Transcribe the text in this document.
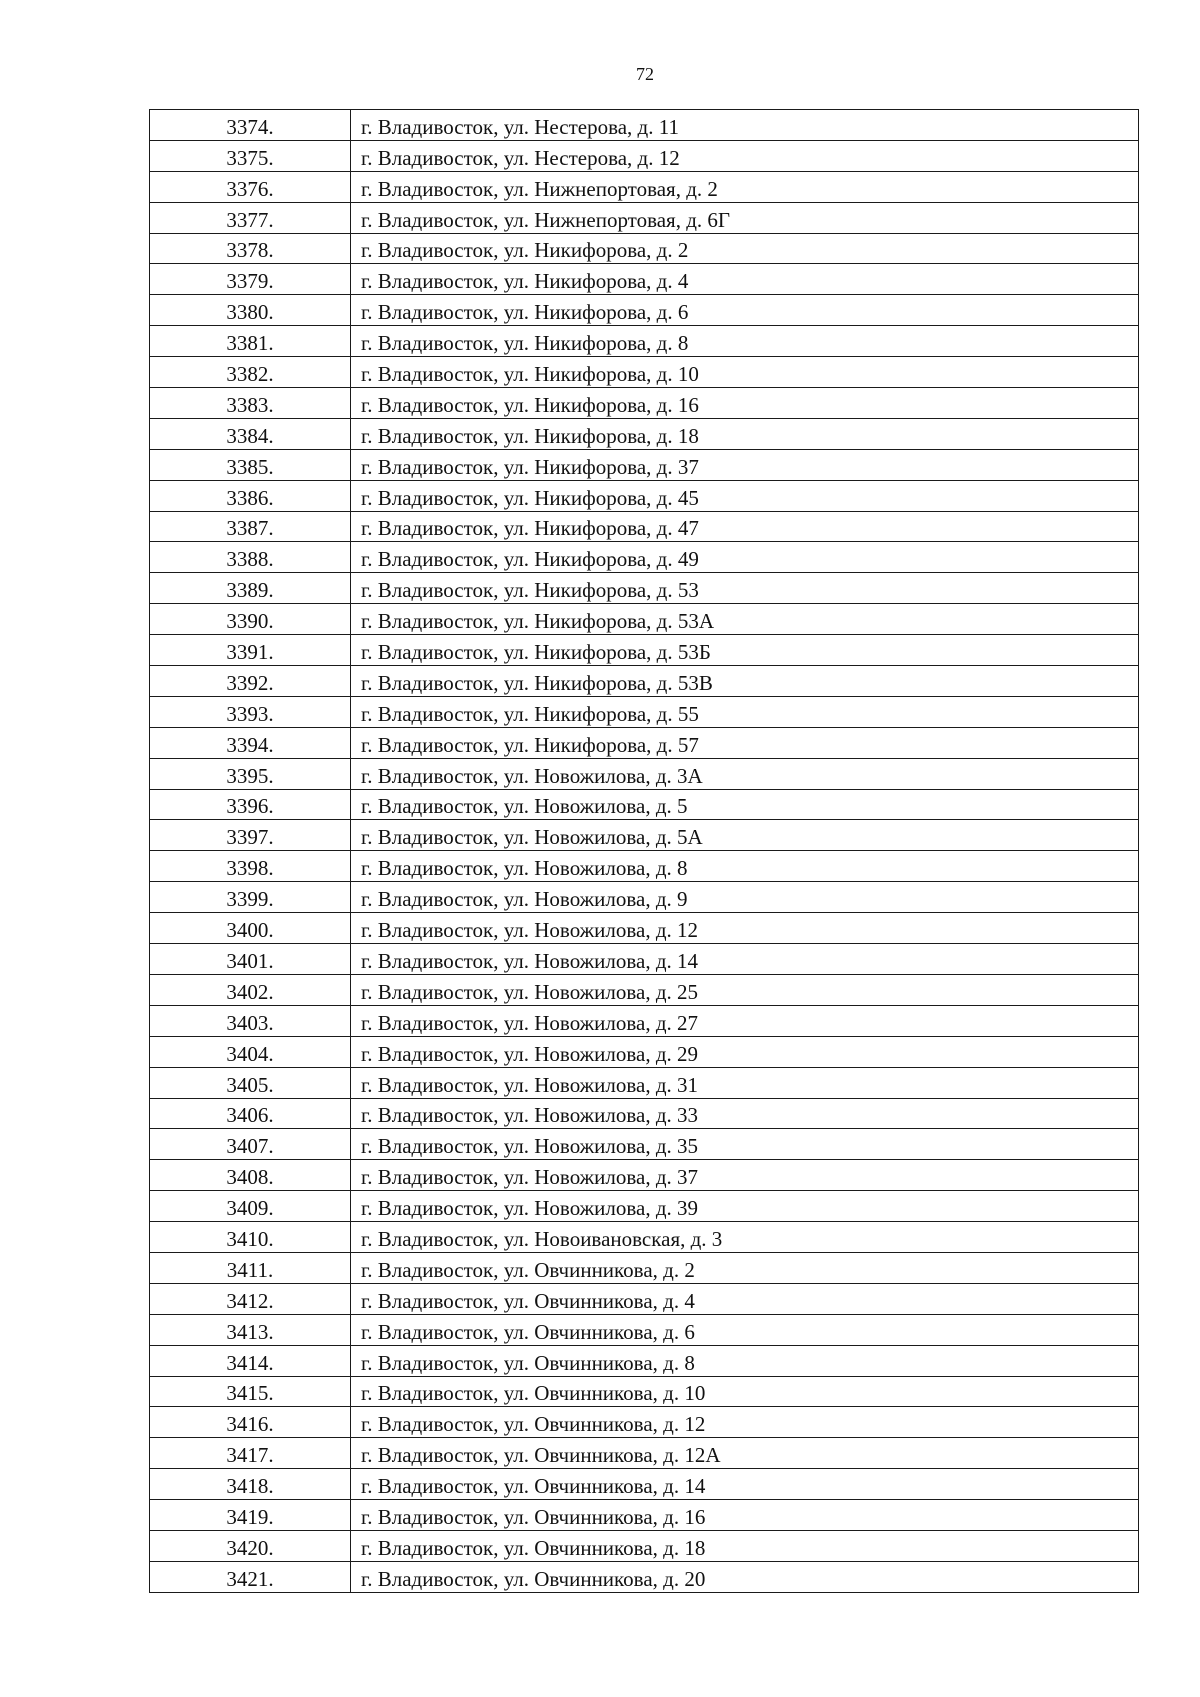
72
3374.	г. Владивосток, ул. Нестерова, д. 11
3375.	г. Владивосток, ул. Нестерова, д. 12
3376.	г. Владивосток, ул. Нижнепортовая, д. 2
3377.	г. Владивосток, ул. Нижнепортовая, д. 6Г
3378.	г. Владивосток, ул. Никифорова, д. 2
3379.	г. Владивосток, ул. Никифорова, д. 4
3380.	г. Владивосток, ул. Никифорова, д. 6
3381.	г. Владивосток, ул. Никифорова, д. 8
3382.	г. Владивосток, ул. Никифорова, д. 10
3383.	г. Владивосток, ул. Никифорова, д. 16
3384.	г. Владивосток, ул. Никифорова, д. 18
3385.	г. Владивосток, ул. Никифорова, д. 37
3386.	г. Владивосток, ул. Никифорова, д. 45
3387.	г. Владивосток, ул. Никифорова, д. 47
3388.	г. Владивосток, ул. Никифорова, д. 49
3389.	г. Владивосток, ул. Никифорова, д. 53
3390.	г. Владивосток, ул. Никифорова, д. 53А
3391.	г. Владивосток, ул. Никифорова, д. 53Б
3392.	г. Владивосток, ул. Никифорова, д. 53В
3393.	г. Владивосток, ул. Никифорова, д. 55
3394.	г. Владивосток, ул. Никифорова, д. 57
3395.	г. Владивосток, ул. Новожилова, д. 3А
3396.	г. Владивосток, ул. Новожилова, д. 5
3397.	г. Владивосток, ул. Новожилова, д. 5А
3398.	г. Владивосток, ул. Новожилова, д. 8
3399.	г. Владивосток, ул. Новожилова, д. 9
3400.	г. Владивосток, ул. Новожилова, д. 12
3401.	г. Владивосток, ул. Новожилова, д. 14
3402.	г. Владивосток, ул. Новожилова, д. 25
3403.	г. Владивосток, ул. Новожилова, д. 27
3404.	г. Владивосток, ул. Новожилова, д. 29
3405.	г. Владивосток, ул. Новожилова, д. 31
3406.	г. Владивосток, ул. Новожилова, д. 33
3407.	г. Владивосток, ул. Новожилова, д. 35
3408.	г. Владивосток, ул. Новожилова, д. 37
3409.	г. Владивосток, ул. Новожилова, д. 39
3410.	г. Владивосток, ул. Новоивановская, д. 3
3411.	г. Владивосток, ул. Овчинникова, д. 2
3412.	г. Владивосток, ул. Овчинникова, д. 4
3413.	г. Владивосток, ул. Овчинникова, д. 6
3414.	г. Владивосток, ул. Овчинникова, д. 8
3415.	г. Владивосток, ул. Овчинникова, д. 10
3416.	г. Владивосток, ул. Овчинникова, д. 12
3417.	г. Владивосток, ул. Овчинникова, д. 12А
3418.	г. Владивосток, ул. Овчинникова, д. 14
3419.	г. Владивосток, ул. Овчинникова, д. 16
3420.	г. Владивосток, ул. Овчинникова, д. 18
3421.	г. Владивосток, ул. Овчинникова, д. 20
